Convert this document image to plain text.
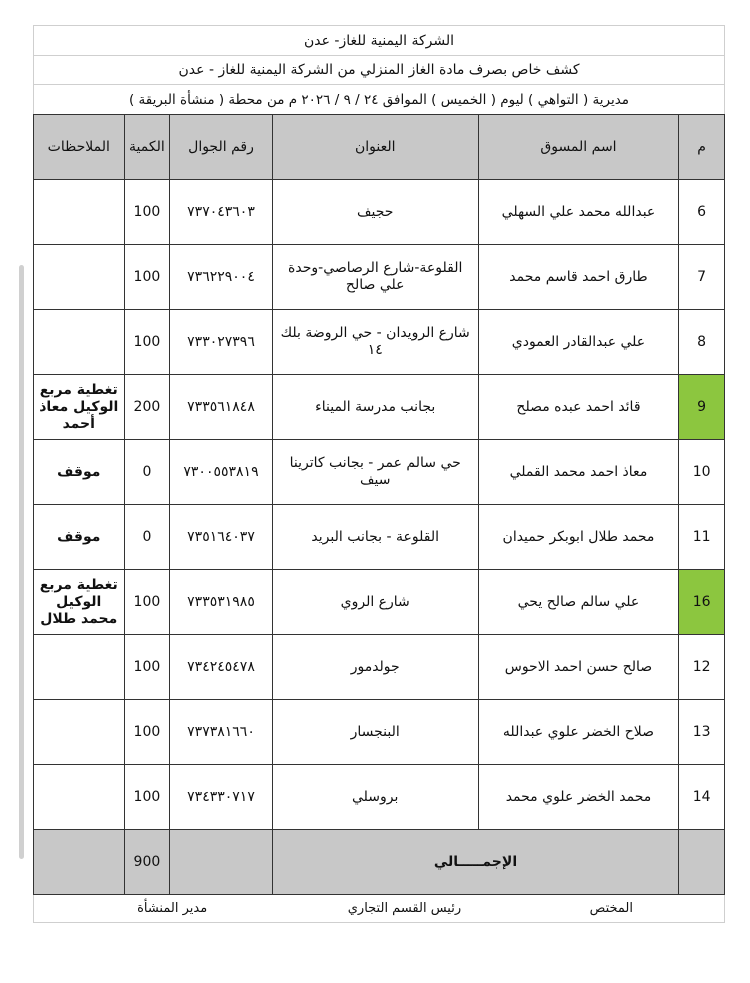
الشركة اليمنية للغاز- عدن
كشف خاص بصرف مادة الغاز المنزلي من الشركة اليمنية للغاز - عدن
مديرية ( التواهي ) ليوم ( الخميس ) الموافق ٢٤ / ٩ / ٢٠٢٦ م من محطة ( منشأة البريقة )
م	اسم المسوق	العنوان	رقم الجوال	الكمية	الملاحظات
6	عبدالله محمد علي السهلي	حجيف	٧٣٧٠٤٣٦٠٣	100	
7	طارق احمد قاسم محمد	القلوعة-شارع الرصاصي-وحدة علي صالح	٧٣٦٢٢٩٠٠٤	100	
8	علي عبدالقادر العمودي	شارع الرويدان - حي الروضة بلك ١٤	٧٣٣٠٢٧٣٩٦	100	
9	قائد احمد عبده مصلح	بجانب مدرسة الميناء	٧٣٣٥٦١٨٤٨	200	تغطية مربع الوكيل معاذ أحمد
10	معاذ احمد محمد القملي	حي سالم عمر - بجانب كاترينا سيف	٧٣٠٠٥٥٣٨١٩	0	موقف
11	محمد طلال ابوبكر حميدان	القلوعة - بجانب البريد	٧٣٥١٦٤٠٣٧	0	موقف
16	علي سالم صالح يحي	شارع الروي	٧٣٣٥٣١٩٨٥	100	تغطية مربع الوكيل محمد طلال
12	صالح حسن احمد الاحوس	جولدمور	٧٣٤٢٤٥٤٧٨	100	
13	صلاح الخضر علوي عبدالله	البنجسار	٧٣٧٣٨١٦٦٠	100	
14	محمد الخضر علوي محمد	بروسلي	٧٣٤٣٣٠٧١٧	100	
	الإجمـــــالي			900	
المختص
رئيس القسم التجاري
مدير المنشأة
